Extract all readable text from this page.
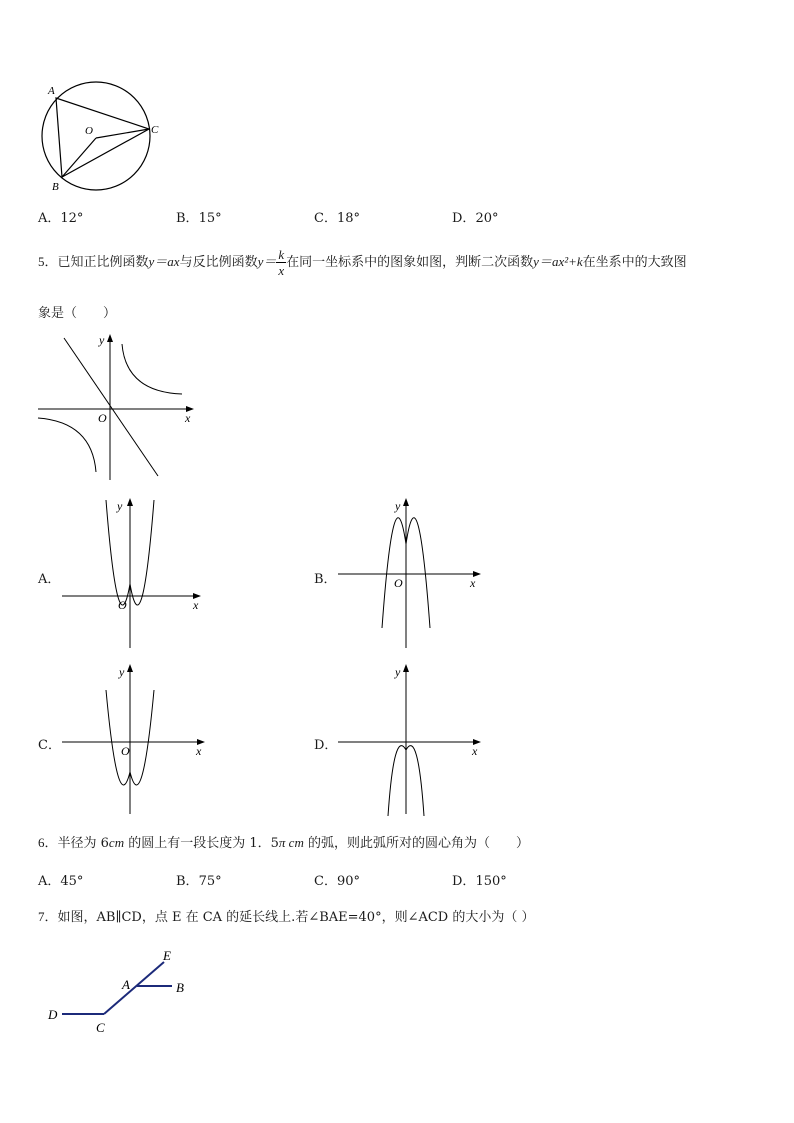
A
B
C
O
A．12°	B．15°	C．18°	D．20°
5．已知正比例函数y＝ax与反比例函数$y= \frac{k}{x}$ 在同一坐标系中的图象如图，判断二次函数y＝ax²+k在坐系中的大致图
象是（　　）
x
y
O
A．
x
y
O
B．	x
y
O
C．	x
y
O	D．	x
y
6．半径为 6cm 的圆上有一段长度为 1．5π cm 的弧，则此弧所对的圆心角为（　　）
A．45°	B．75°	C．90°	D．150°
7．如图，AB∥CD，点 E 在 CA 的延长线上.若∠BAE=40°，则∠ACD 的大小为（ ）
D
C
A	B
E
